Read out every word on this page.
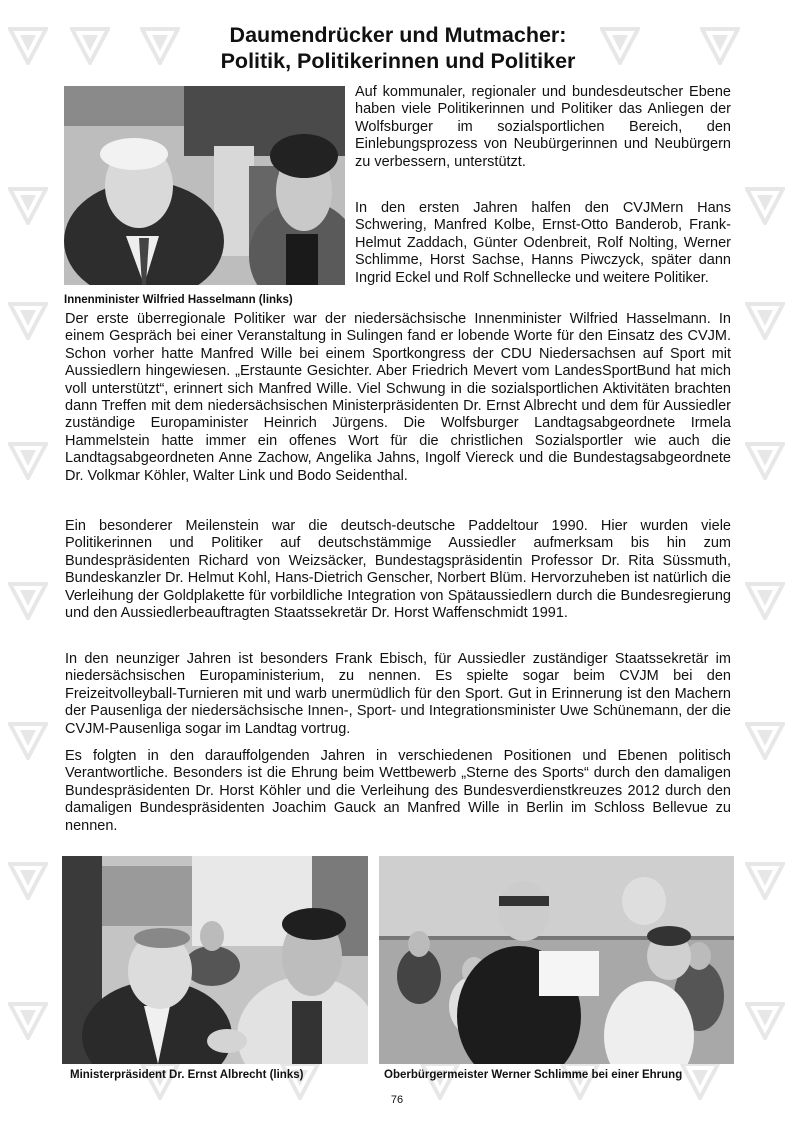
Daumendrücker und Mutmacher:
Politik, Politikerinnen und Politiker
Innenminister Wilfried Hasselmann (links)

Auf kommunaler, regionaler und bundesdeutscher Ebene haben viele Politikerinnen und Politiker das Anliegen der Wolfsburger im sozialsportlichen Bereich, den Einlebungsprozess von Neubürgerinnen und Neubürgern zu verbessern, unterstützt.

In den ersten Jahren halfen den CVJMern Hans Schwering, Manfred Kolbe, Ernst-Otto Banderob, Frank-Helmut Zaddach, Günter Odenbreit, Rolf Nolting, Werner Schlimme, Horst Sachse, Hanns Piwczyck, später dann Ingrid Eckel und Rolf Schnellecke und weitere Politiker.

Der erste überregionale Politiker war der niedersächsische Innenminister Wilfried Hasselmann. In einem Gespräch bei einer Veranstaltung in Sulingen fand er lobende Worte für den Einsatz des CVJM. Schon vorher hatte Manfred Wille bei einem Sportkongress der CDU Niedersachsen auf Sport mit Aussiedlern hingewiesen. „Erstaunte Gesichter. Aber Friedrich Mevert vom LandesSportBund hat mich voll unterstützt“, erinnert sich Manfred Wille. Viel Schwung in die sozialsportlichen Aktivitäten brachten dann Treffen mit dem niedersächsischen Ministerpräsidenten Dr. Ernst Albrecht und dem für Aussiedler zuständige Europaminister Heinrich Jürgens. Die Wolfsburger Landtagsabgeordnete Irmela Hammelstein hatte immer ein offenes Wort für die christlichen Sozialsportler wie auch die Landtagsabgeordneten Anne Zachow, Angelika Jahns, Ingolf Viereck und die Bundestagsabgeordnete Dr. Volkmar Köhler, Walter Link und Bodo Seidenthal.

Ein besonderer Meilenstein war die deutsch-deutsche Paddeltour 1990. Hier wurden viele Politikerinnen und Politiker auf deutschstämmige Aussiedler aufmerksam bis hin zum Bundespräsidenten Richard von Weizsäcker, Bundestagspräsidentin Professor Dr. Rita Süssmuth, Bundeskanzler Dr. Helmut Kohl, Hans-Dietrich Genscher, Norbert Blüm. Hervorzuheben ist natürlich die Verleihung der Goldplakette für vorbildliche Integration von Spätaussiedlern durch die Bundesregierung und den Aussiedlerbeauftragten Staatssekretär Dr. Horst Waffenschmidt 1991.

In den neunziger Jahren ist besonders Frank Ebisch, für Aussiedler zuständiger Staatssekretär im niedersächsischen Europaministerium, zu nennen. Es spielte sogar beim CVJM bei den Freizeitvolleyball-Turnieren mit und warb unermüdlich für den Sport. Gut in Erinnerung ist den Machern der Pausenliga der niedersächsische Innen-, Sport- und Integrationsminister Uwe Schünemann, der die CVJM-Pausenliga sogar im Landtag vortrug.

Es folgten in den darauffolgenden Jahren in verschiedenen Positionen und Ebenen politisch Verantwortliche. Besonders ist die Ehrung beim Wettbewerb „Sterne des Sports“ durch den damaligen Bundespräsidenten Dr. Horst Köhler und die Verleihung des Bundesverdienstkreuzes 2012 durch den damaligen Bundespräsidenten Joachim Gauck an Manfred Wille in Berlin im Schloss Bellevue zu nennen.

Ministerpräsident Dr. Ernst Albrecht (links)	Oberbürgermeister Werner Schlimme bei einer Ehrung
76
